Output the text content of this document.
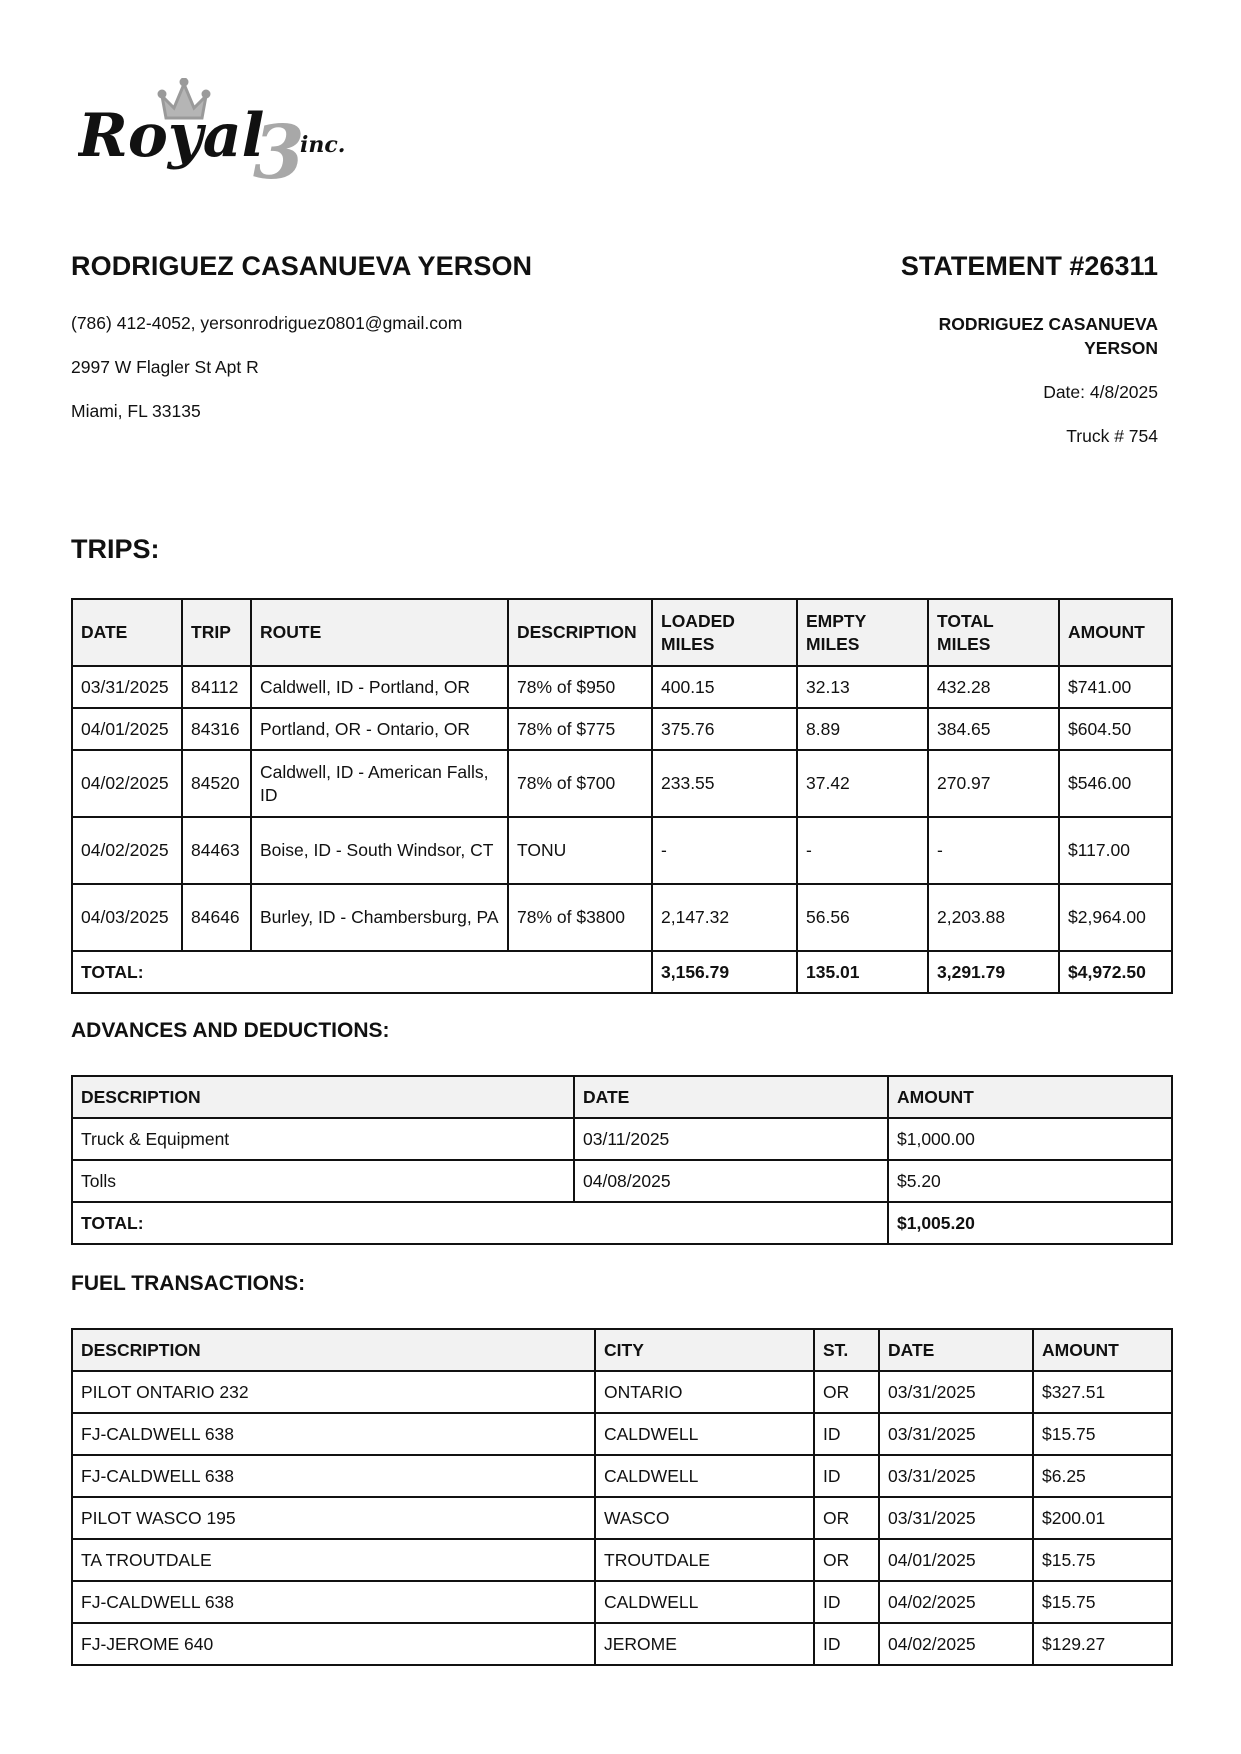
Royal
3
inc.
RODRIGUEZ CASANUEVA YERSON	STATEMENT #26311
(786) 412-4052, yersonrodriguez0801@gmail.com
2997 W Flagler St Apt R
Miami, FL 33135
RODRIGUEZ CASANUEVA
YERSON
Date: 4/8/2025
Truck # 754
TRIPS:
DATE	TRIP	ROUTE	DESCRIPTION	LOADED MILES	EMPTY MILES	TOTAL MILES	AMOUNT
03/31/2025	84112	Caldwell, ID - Portland, OR	78% of $950	400.15	32.13	432.28	$741.00
04/01/2025	84316	Portland, OR - Ontario, OR	78% of $775	375.76	8.89	384.65	$604.50
04/02/2025	84520	Caldwell, ID - American Falls, ID	78% of $700	233.55	37.42	270.97	$546.00
04/02/2025	84463	Boise, ID - South Windsor, CT	TONU	-	-	-	$117.00
04/03/2025	84646	Burley, ID - Chambersburg, PA	78% of $3800	2,147.32	56.56	2,203.88	$2,964.00
TOTAL:				3,156.79	135.01	3,291.79	$4,972.50
ADVANCES AND DEDUCTIONS:
DESCRIPTION	DATE	AMOUNT
Truck & Equipment	03/11/2025	$1,000.00
Tolls	04/08/2025	$5.20
TOTAL:		$1,005.20
FUEL TRANSACTIONS:
DESCRIPTION	CITY	ST.	DATE	AMOUNT
PILOT ONTARIO 232	ONTARIO	OR	03/31/2025	$327.51
FJ-CALDWELL 638	CALDWELL	ID	03/31/2025	$15.75
FJ-CALDWELL 638	CALDWELL	ID	03/31/2025	$6.25
PILOT WASCO 195	WASCO	OR	03/31/2025	$200.01
TA TROUTDALE	TROUTDALE	OR	04/01/2025	$15.75
FJ-CALDWELL 638	CALDWELL	ID	04/02/2025	$15.75
FJ-JEROME 640	JEROME	ID	04/02/2025	$129.27
